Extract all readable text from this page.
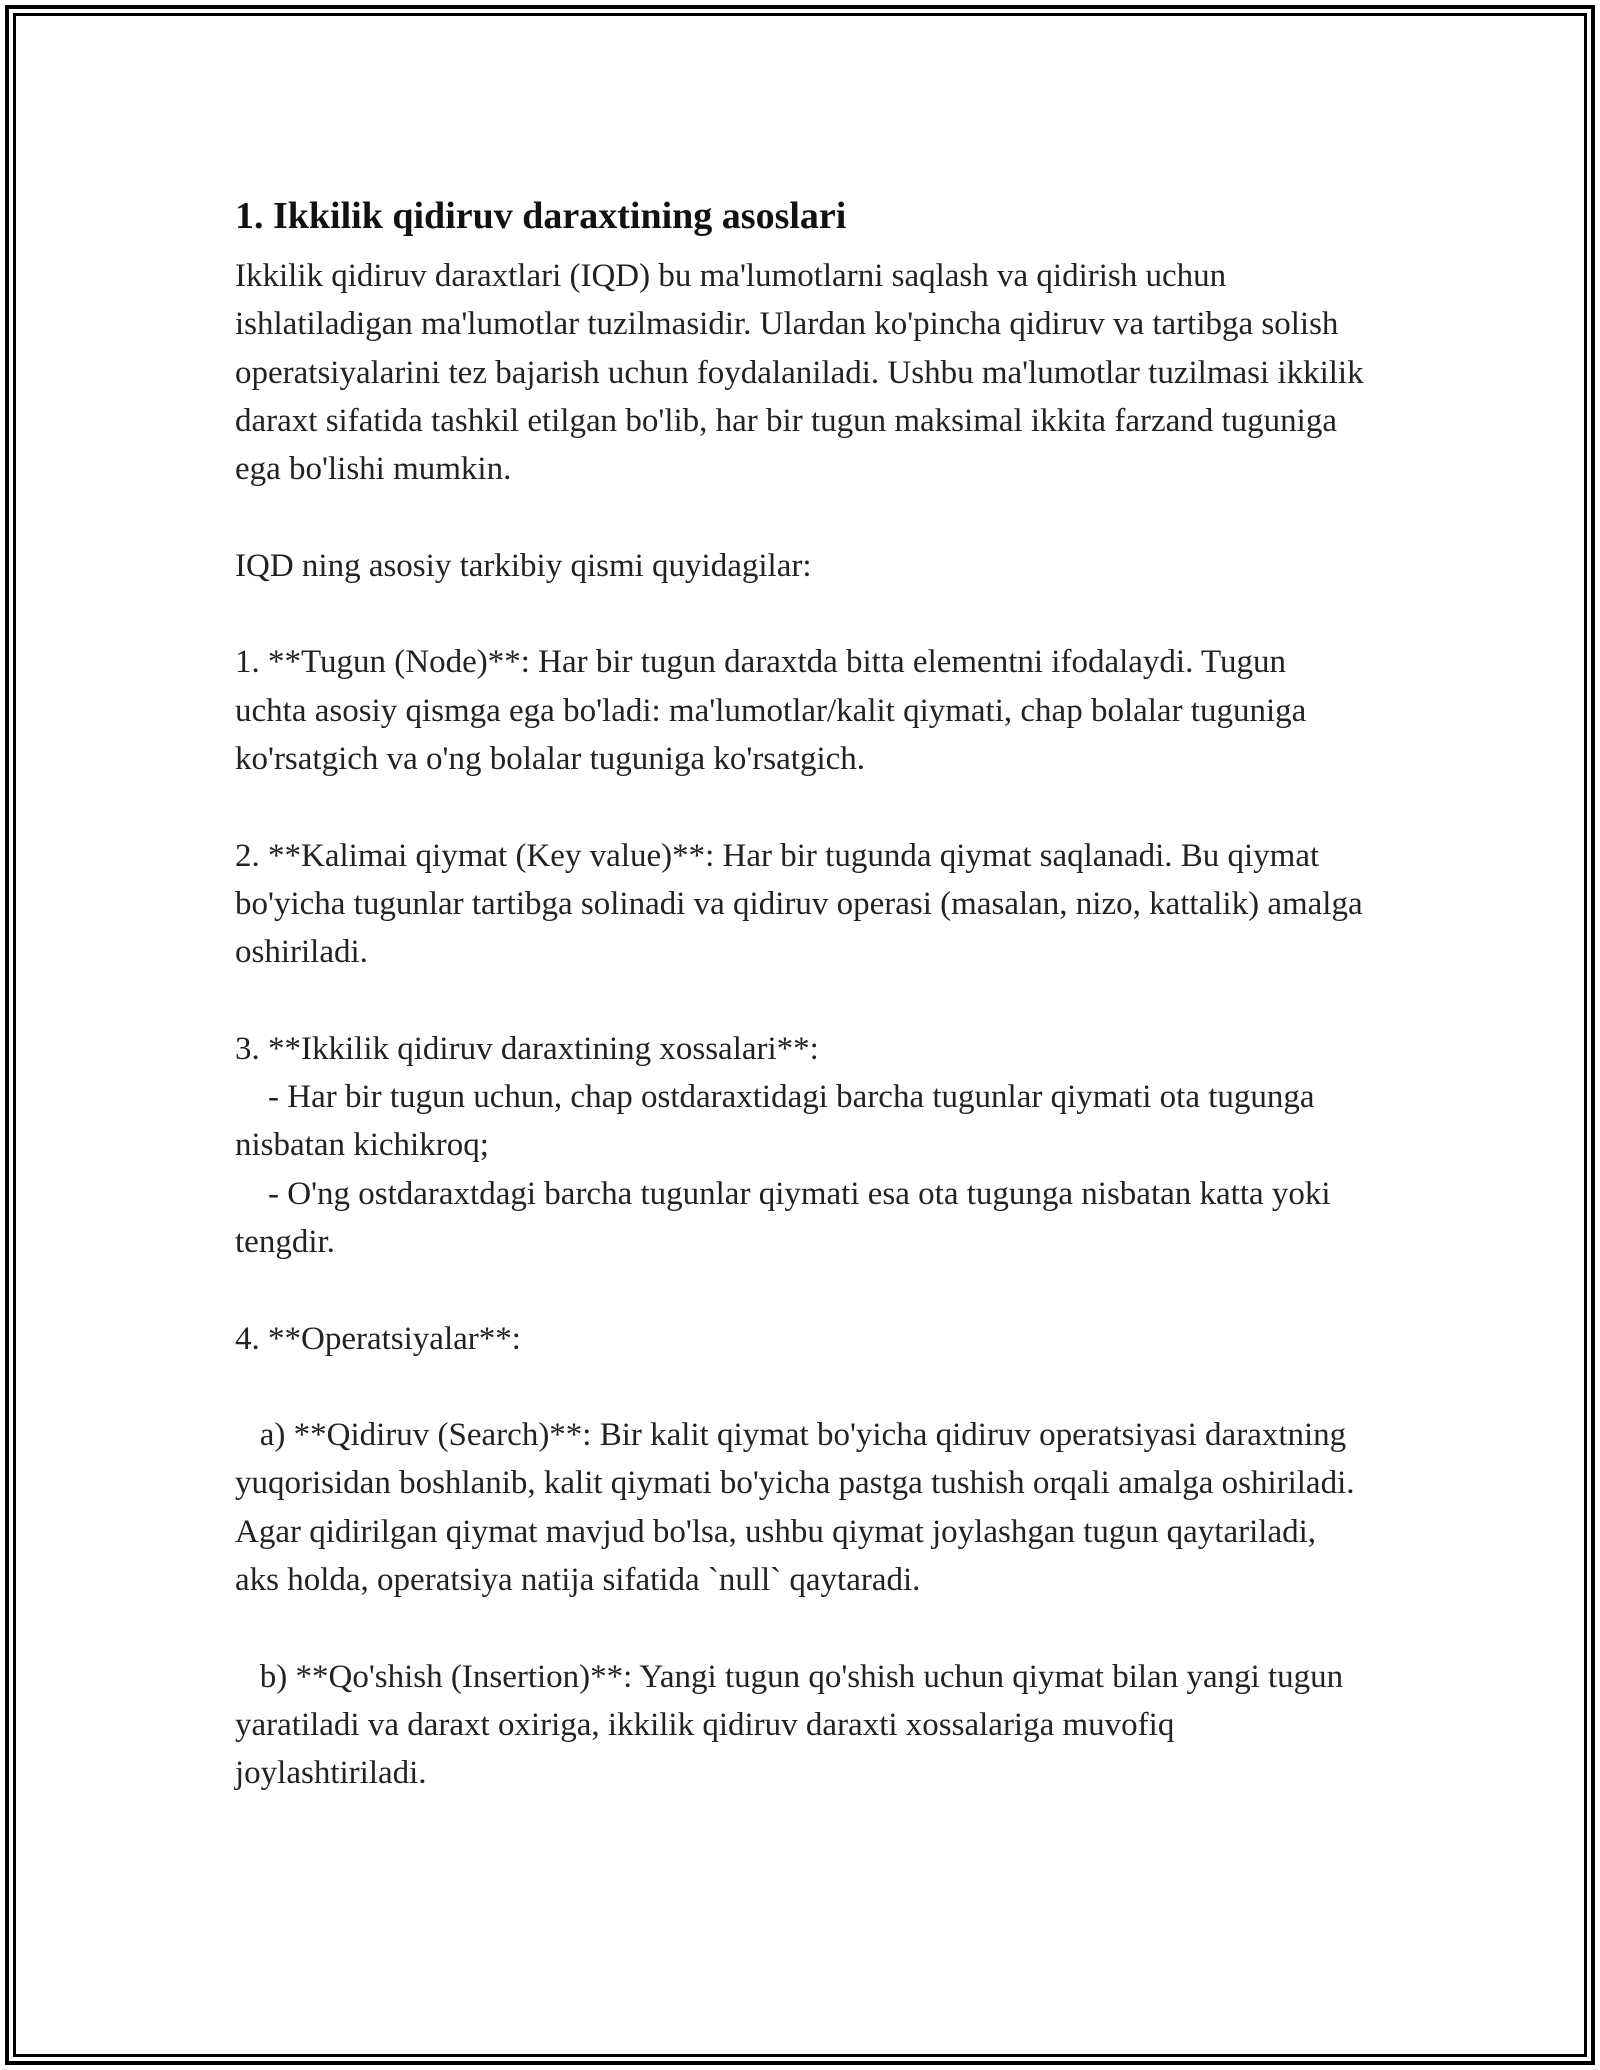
1. Ikkilik qidiruv daraxtining asoslari

Ikkilik qidiruv daraxtlari (IQD) bu ma'lumotlarni saqlash va qidirish uchun ishlatiladigan ma'lumotlar tuzilmasidir. Ulardan ko'pincha qidiruv va tartibga solish operatsiyalarini tez bajarish uchun foydalaniladi. Ushbu ma'lumotlar tuzilmasi ikkilik daraxt sifatida tashkil etilgan bo'lib, har bir tugun maksimal ikkita farzand tuguniga ega bo'lishi mumkin.

IQD ning asosiy tarkibiy qismi quyidagilar:

1. **Tugun (Node)**: Har bir tugun daraxtda bitta elementni ifodalaydi. Tugun uchta asosiy qismga ega bo'ladi: ma'lumotlar/kalit qiymati, chap bolalar tuguniga ko'rsatgich va o'ng bolalar tuguniga ko'rsatgich.

2. **Kalimai qiymat (Key value)**: Har bir tugunda qiymat saqlanadi. Bu qiymat bo'yicha tugunlar tartibga solinadi va qidiruv operasi (masalan, nizo, kattalik) amalga oshiriladi.

3. **Ikkilik qidiruv daraxtining xossalari**:

- Har bir tugun uchun, chap ostdaraxtidagi barcha tugunlar qiymati ota tugunga nisbatan kichikroq;

- O'ng ostdaraxtdagi barcha tugunlar qiymati esa ota tugunga nisbatan katta yoki tengdir.

4. **Operatsiyalar**:

a) **Qidiruv (Search)**: Bir kalit qiymat bo'yicha qidiruv operatsiyasi daraxtning yuqorisidan boshlanib, kalit qiymati bo'yicha pastga tushish orqali amalga oshiriladi. Agar qidirilgan qiymat mavjud bo'lsa, ushbu qiymat joylashgan tugun qaytariladi, aks holda, operatsiya natija sifatida `null` qaytaradi.

b) **Qo'shish (Insertion)**: Yangi tugun qo'shish uchun qiymat bilan yangi tugun yaratiladi va daraxt oxiriga, ikkilik qidiruv daraxti xossalariga muvofiq joylashtiriladi.
